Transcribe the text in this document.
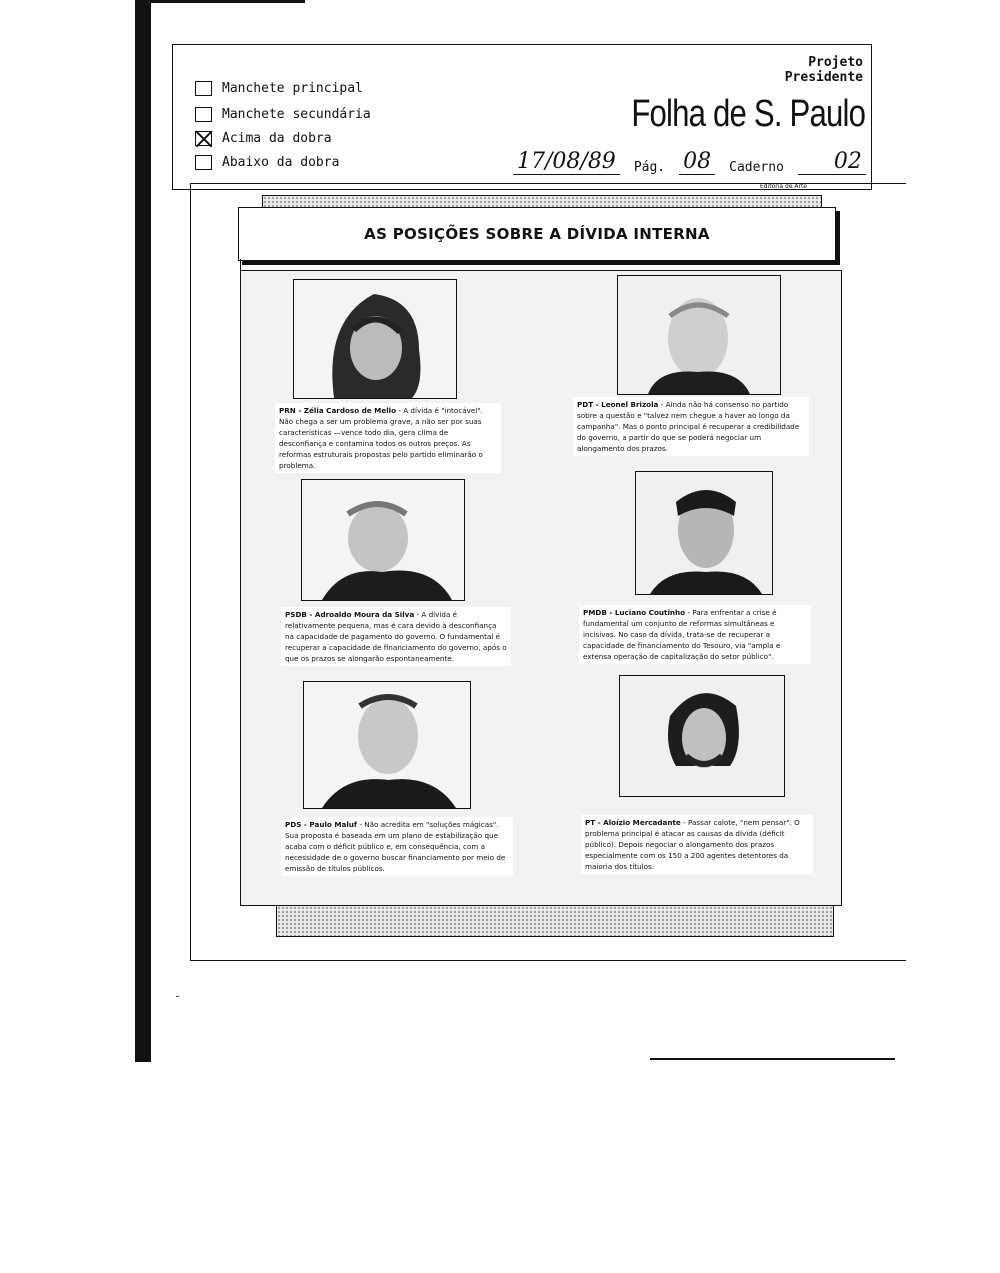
Manchete principal
Manchete secundária
Acima da dobra
Abaixo da dobra
Projeto
Presidente
Folha de S. Paulo
17/08/89	Pág. 08	Caderno	02
Editoria de Arte
AS POSIÇÕES SOBRE A DÍVIDA INTERNA
PRN - Zélia Cardoso de Mello - A dívida é "intocável". Não chega a ser um problema grave, a não ser por suas características —vence todo dia, gera clima de desconfiança e contamina todos os outros preços. As reformas estruturais propostas pelo partido eliminarão o problema.
PDT - Leonel Brizola - Ainda não há consenso no partido sobre a questão e "talvez nem chegue a haver ao longo da campanha". Mas o ponto principal é recuperar a credibilidade do governo, a partir do que se poderá negociar um alongamento dos prazos.
PSDB - Adroaldo Moura da Silva - A dívida é relativamente pequena, mas é cara devido à desconfiança na capacidade de pagamento do governo. O fundamental é recuperar a capacidade de financiamento do governo, após o que os prazos se alongarão espontaneamente.
PMDB - Luciano Coutinho - Para enfrentar a crise é fundamental um conjunto de reformas simultâneas e incisivas. No caso da dívida, trata-se de recuperar a capacidade de financiamento do Tesouro, via "ampla e extensa operação de capitalização do setor público".
PDS - Paulo Maluf - Não acredita em "soluções mágicas". Sua proposta é baseada em um plano de estabilização que acaba com o déficit público e, em consequência, com a necessidade de o governo buscar financiamento por meio de emissão de títulos públicos.
PT - Aloízio Mercadante - Passar calote, "nem pensar". O problema principal é atacar as causas da dívida (déficit público). Depois negociar o alongamento dos prazos especialmente com os 150 a 200 agentes detentores da maioria dos títulos.
